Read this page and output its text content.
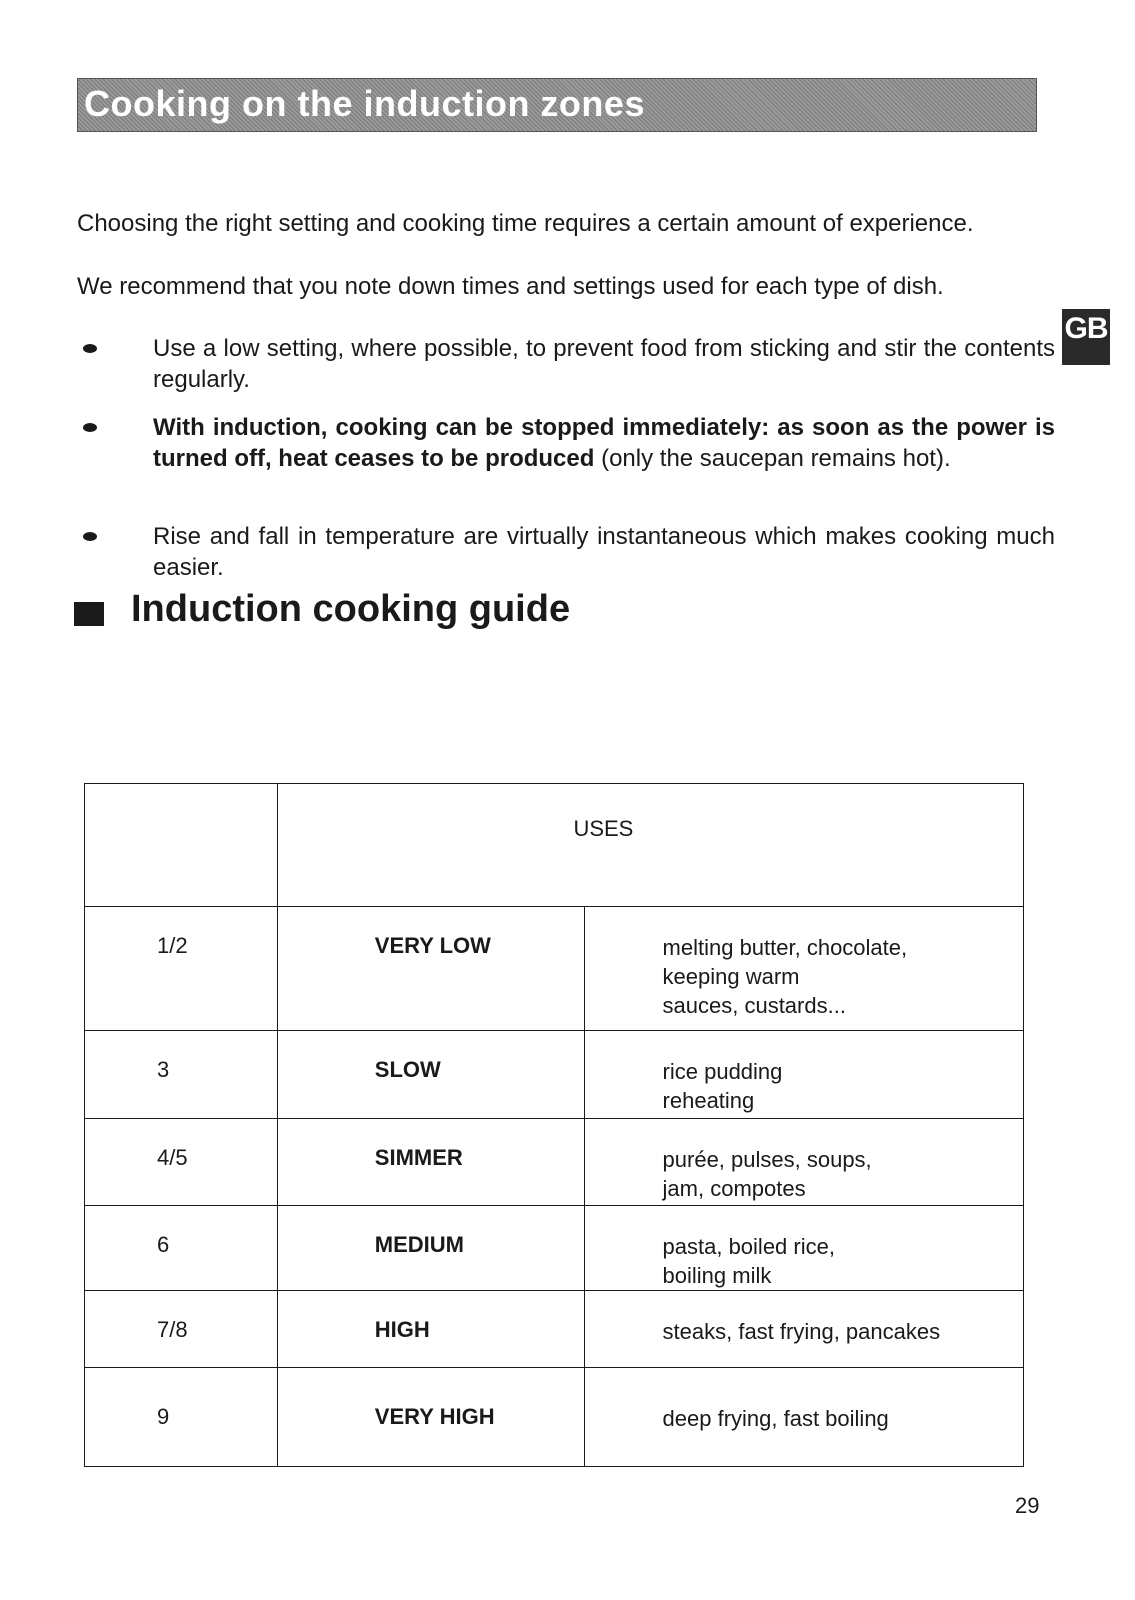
Cooking on the induction zones

Choosing the right setting and cooking time requires a certain amount of experience.

We recommend that you note down times and settings used for each type of dish.

GB
Use a low setting, where possible, to prevent food from sticking and stir the contents regularly.
With induction, cooking can be stopped immediately: as soon as the power is turned off, heat ceases to be produced (only the saucepan remains hot).
Rise and fall in temperature are virtually instantaneous which makes cooking much easier.
Induction cooking guide
	USES	
1/2	VERY LOW	melting butter, chocolate,
keeping warm
sauces, custards...

3	SLOW	rice pudding
reheating

4/5	SIMMER	purée, pulses, soups,
jam, compotes

6	MEDIUM	pasta, boiled rice,
boiling milk

7/8	HIGH	steaks, fast frying, pancakes

9	VERY HIGH	deep frying, fast boiling
29
